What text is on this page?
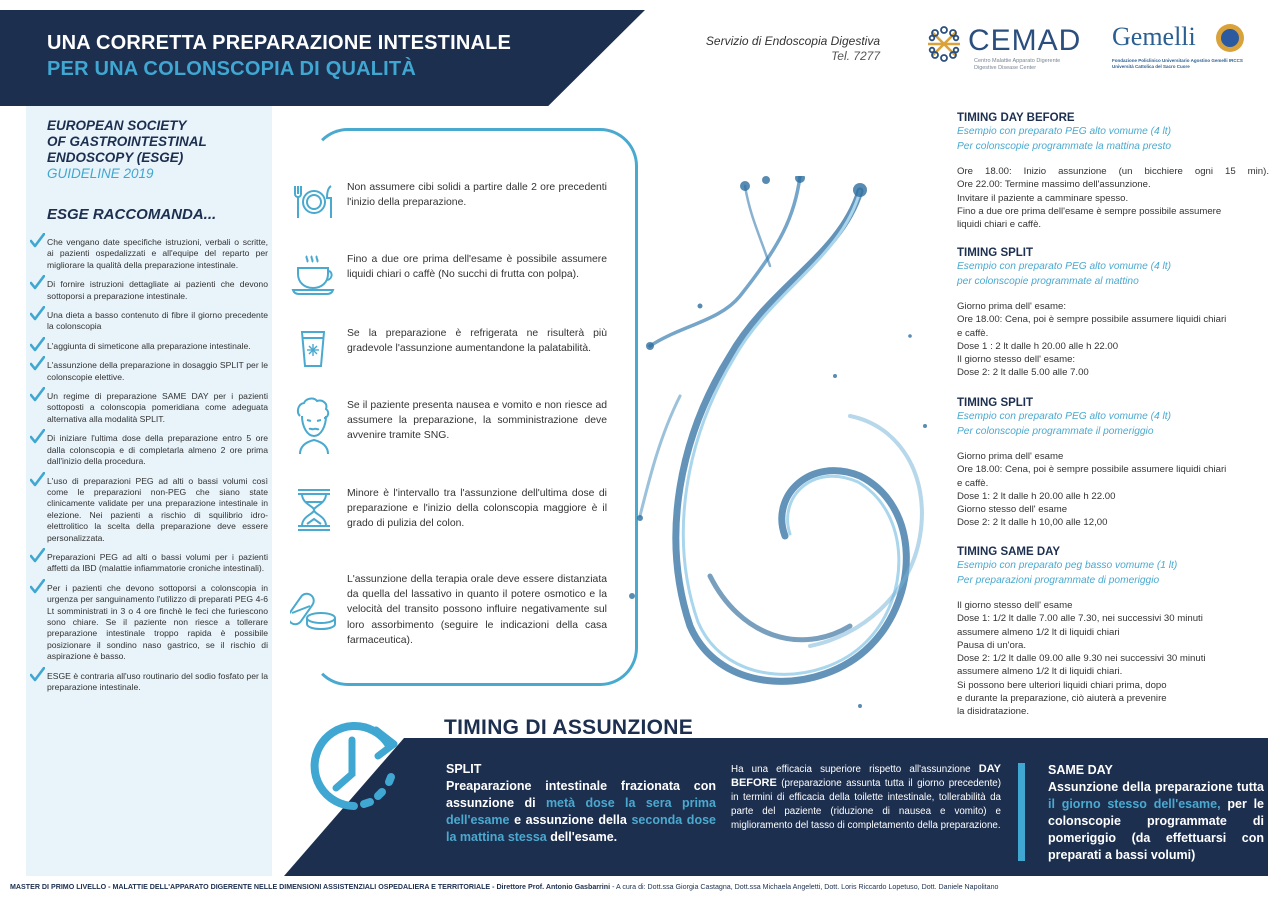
UNA CORRETTA PREPARAZIONE INTESTINALE
PER UNA COLONSCOPIA DI QUALITÀ
Servizio di Endoscopia Digestiva
Tel. 7277	CEMAD
Centro Malattie Apparato Digerente
Digestive Disease Center
Gemelli
Fondazione Policlinico Universitario Agostino Gemelli IRCCS
Università Cattolica del Sacro Cuore
EUROPEAN SOCIETY
OF GASTROINTESTINAL
ENDOSCOPY (ESGE)
GUIDELINE 2019
ESGE RACCOMANDA...
Che vengano date specifiche istruzioni, verbali o scritte, ai pazienti ospedalizzati e all'equipe del reparto per migliorare la qualità della preparazione intestinale.
Di fornire istruzioni dettagliate ai pazienti che devono sottoporsi a preparazione intestinale.
Una dieta a basso contenuto di fibre il giorno precedente la colonscopia
L'aggiunta di simeticone alla preparazione intestinale.
L'assunzione della preparazione in dosaggio SPLIT per le colonscopie elettive.
Un regime di preparazione SAME DAY per i pazienti sottoposti a colonscopia pomeridiana come adeguata alternativa alla modalità SPLIT.
Di iniziare l'ultima dose della preparazione entro 5 ore dalla colonscopia e di completarla almeno 2 ore prima dall'inizio della procedura.
L'uso di preparazioni PEG ad alti o bassi volumi così come le preparazioni non-PEG che siano state clinicamente validate per una preparazione intestinale in elezione. Nei pazienti a rischio di squilibrio idro-elettrolitico la scelta della preparazione deve essere personalizzata.
Preparazioni PEG ad alti o bassi volumi per i pazienti affetti da IBD (malattie infiammatorie croniche intestinali).
Per i pazienti che devono sottoporsi a colonscopia in urgenza per sanguinamento l'utilizzo di preparati PEG 4-6 Lt somministrati in 3 o 4 ore finchè le feci che furiescono sono chiare. Se il paziente non riesce a tollerare preparazione intestinale troppo rapida è possibile posizionare il sondino naso gastrico, se il rischio di aspirazione è basso.
ESGE è contraria all'uso routinario del sodio fosfato per la preparazione intestinale.
Non assumere cibi solidi a partire dalle 2 ore precedenti l'inizio della preparazione.
Fino a due ore prima dell'esame è possibile assumere liquidi chiari o caffè (No succhi di frutta con polpa).
Se la preparazione è refrigerata ne risulterà più gradevole l'assunzione aumentandone la palatabilità.
Se il paziente presenta nausea e vomito e non riesce ad assumere la preparazione, la somministrazione deve avvenire tramite SNG.
Minore è l'intervallo tra l'assunzione dell'ultima dose di preparazione e l'inizio della colonscopia maggiore è il grado di pulizia del colon.
L'assunzione della terapia orale deve essere distanziata da quella del lassativo in quanto il potere osmotico e la velocità del transito possono influire negativamente sul loro assorbimento (seguire le indicazioni della casa farmaceutica).
TIMING DAY BEFORE
Esempio con preparato PEG alto vomume (4 lt)
Per colonscopie programmate la mattina presto
Ore 18.00: Inizio assunzione (un bicchiere ogni 15 min).
Ore 22.00: Termine massimo dell'assunzione.
Invitare il paziente a camminare spesso.
Fino a due ore prima dell'esame è sempre possibile assumere
liquidi chiari e caffè.
TIMING SPLIT
Esempio con preparato PEG alto vomume (4 lt)
per colonscopie programmate al mattino
Giorno prima dell' esame:
Ore 18.00: Cena, poi è sempre possibile assumere liquidi chiari
e caffè.
Dose 1 : 2 lt dalle h 20.00 alle h 22.00
Il giorno stesso dell' esame:
Dose 2: 2 lt dalle 5.00 alle 7.00
TIMING SPLIT
Esempio con preparato PEG alto vomume (4 lt)
Per colonscopie programmate il pomeriggio
Giorno prima dell' esame
Ore 18.00: Cena, poi è sempre possibile assumere liquidi chiari
e caffè.
Dose 1: 2 lt dalle h 20.00 alle h 22.00
Giorno stesso dell' esame
Dose 2: 2 lt dalle h 10,00 alle 12,00
TIMING SAME DAY
Esempio con preparato peg basso vomume (1 lt)
Per preparazioni programmate di pomeriggio
Il giorno stesso dell' esame
Dose 1: 1/2 lt dalle 7.00 alle 7.30, nei successivi 30 minuti
assumere almeno 1/2 lt di liquidi chiari
Pausa di un'ora.
Dose 2: 1/2 lt dalle 09.00 alle 9.30 nei successivi 30 minuti
assumere almeno 1/2 lt di liquidi chiari.
Si possono bere ulteriori liquidi chiari prima, dopo
e durante la preparazione, ciò aiuterà a prevenire
la disidratazione.
TIMING DI ASSUNZIONE
SPLIT
Preaparazione intestinale frazionata con assunzione di metà dose la sera prima dell'esame e assunzione della seconda dose la mattina stessa dell'esame.
Ha una efficacia superiore rispetto all'assunzione DAY BEFORE (preparazione assunta tutta il giorno precedente) in termini di efficacia della toilette intestinale, tollerabilità da parte del paziente (riduzione di nausea e vomito) e miglioramento del tasso di completamento della preparazione.
SAME DAY
Assunzione della preparazione tutta il giorno stesso dell'esame, per le colonscopie programmate di pomeriggio (da effettuarsi con preparati a bassi volumi)
MASTER DI PRIMO LIVELLO - MALATTIE DELL'APPARATO DIGERENTE NELLE DIMENSIONI ASSISTENZIALI OSPEDALIERA E TERRITORIALE - Direttore Prof. Antonio Gasbarrini - A cura di: Dott.ssa Giorgia Castagna, Dott.ssa Michaela Angeletti, Dott. Loris Riccardo Lopetuso, Dott. Daniele Napolitano
